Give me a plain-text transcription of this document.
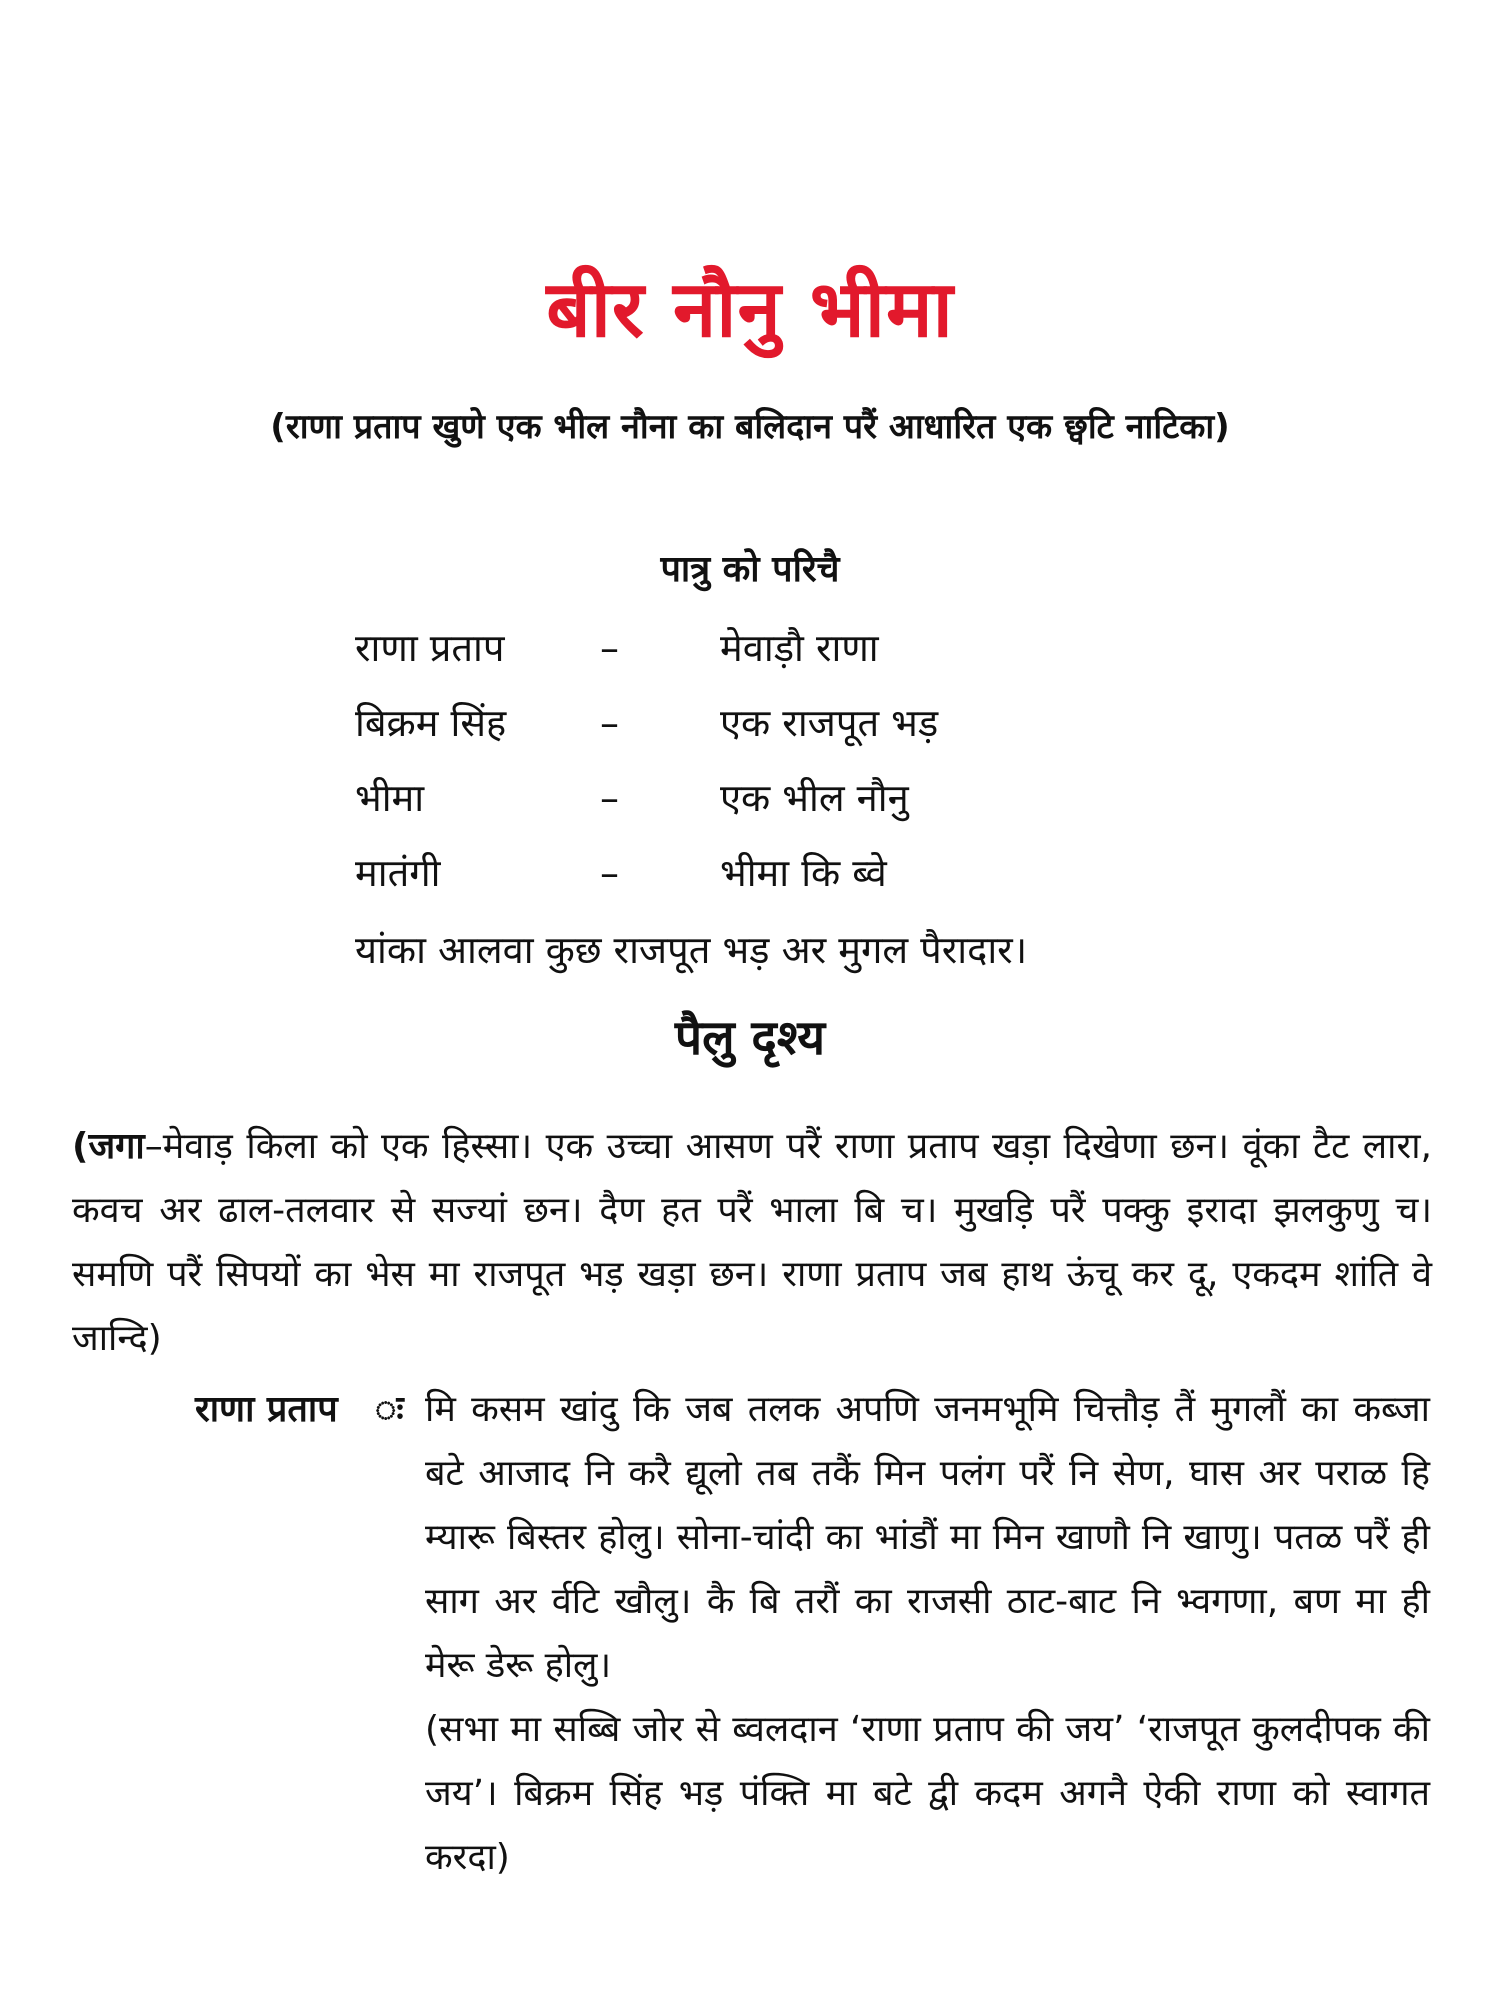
बीर नौनु भीमा
(राणा प्रताप खुणे एक भील नौना का बलिदान परैं आधारित एक छ्वटि नाटिका)
पात्रु को परिचै
राणा प्रताप	–	मेवाड़ौ राणा
बिक्रम सिंह –	एक राजपूत भड़
भीमा	–	एक भील नौनु
मातंगी	–	भीमा कि ब्वे
यांका आलवा कुछ राजपूत भड़ अर मुगल पैरादार।
पैलु दृश्य

(जगा–मेवाड़ किला को एक हिस्सा। एक उच्चा आसण परैं राणा प्रताप खड़ा दिखेणा छन। वूंका टैट लारा, कवच अर ढाल-तलवार से सज्यां छन। दैण हत परैं भाला बि च। मुखड़ि परैं पक्कु इरादा झलकुणु च। समणि परैं सिपयों का भेस मा राजपूत भड़ खड़ा छन। राणा प्रताप जब हाथ ऊंचू कर दू, एकदम शांति वे जान्दि)

राणा प्रताप ः मि कसम खांदु कि जब तलक अपणि जनमभूमि चित्तौड़ तैं मुगलौं का कब्जा बटे आजाद नि करै द्यूलो तब तकैं मिन पलंग परैं नि सेण, घास अर पराळ हि म्यारू बिस्तर होलु। सोना-चांदी का भांडौं मा मिन खाणौ नि खाणु। पतळ परैं ही साग अर र्वटि खौलु। कै बि तरौं का राजसी ठाट-बाट नि भ्वगणा, बण मा ही मेरू डेरू होलु।

(सभा मा सब्बि जोर से ब्वलदान ‘राणा प्रताप की जय’ ‘राजपूत कुलदीपक की जय’। बिक्रम सिंह भड़ पंक्ति मा बटे द्वी कदम अगनै ऐकी राणा को स्वागत करदा)
